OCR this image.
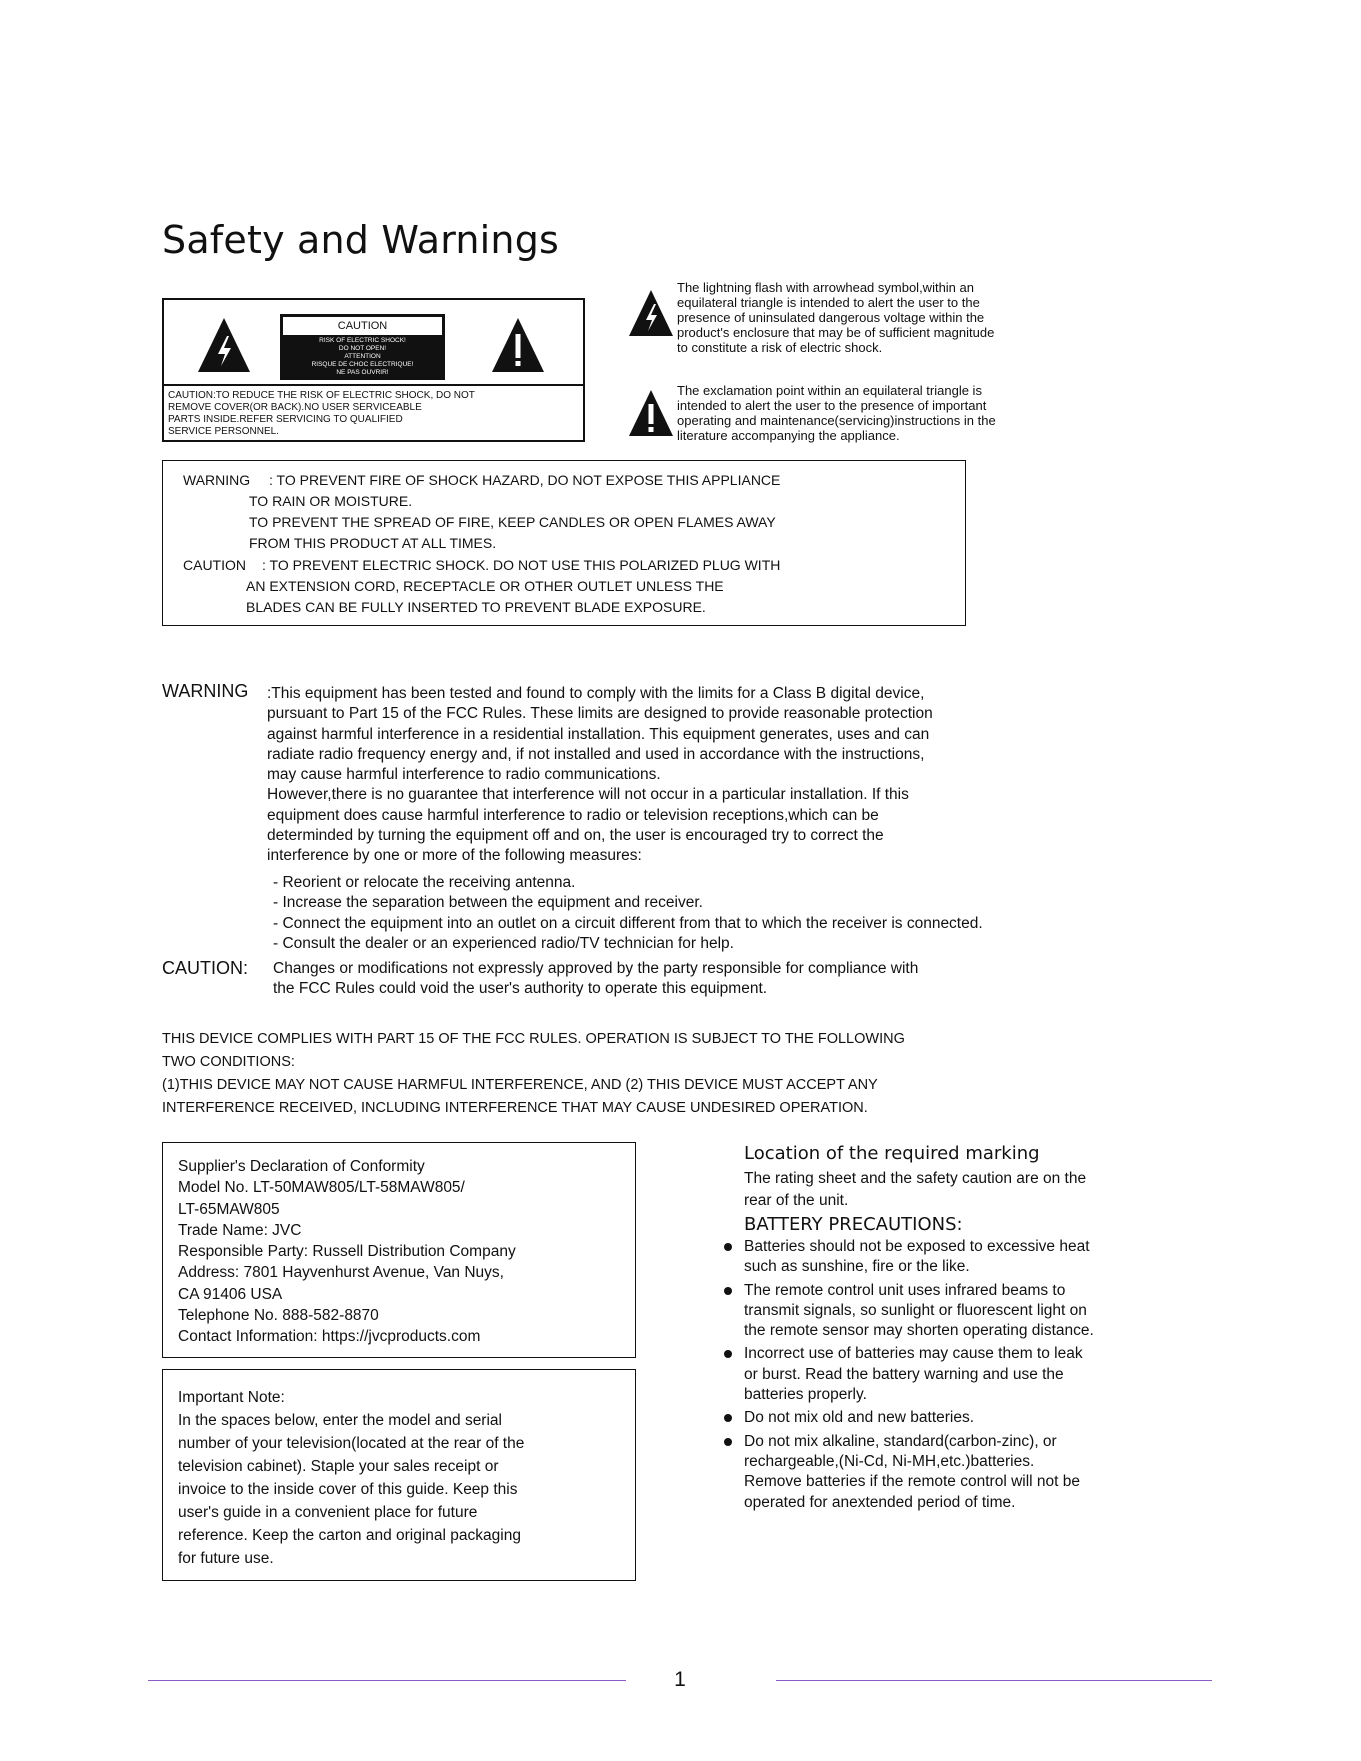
Safety and Warnings
CAUTION
RISK OF ELECTRIC SHOCK!
DO NOT OPEN!
ATTENTION
RISQUE DE CHOC ELECTRIQUE!
NE PAS OUVRIR!
CAUTION:TO REDUCE THE RISK OF ELECTRIC SHOCK, DO NOT
REMOVE COVER(OR BACK).NO USER SERVICEABLE
PARTS INSIDE.REFER SERVICING TO QUALIFIED
SERVICE PERSONNEL.
The lightning flash with arrowhead symbol,within an
equilateral triangle is intended to alert the user to the
presence of uninsulated dangerous voltage within the
product's enclosure that may be of sufficient magnitude
to constitute a risk of electric shock.
The exclamation point within an equilateral triangle is
intended to alert the user to the presence of important
operating and maintenance(servicing)instructions in the
literature accompanying the appliance.
WARNING : TO PREVENT FIRE OF SHOCK HAZARD, DO NOT EXPOSE THIS APPLIANCE
TO RAIN OR MOISTURE.
TO PREVENT THE SPREAD OF FIRE, KEEP CANDLES OR OPEN FLAMES AWAY
FROM THIS PRODUCT AT ALL TIMES.
CAUTION : TO PREVENT ELECTRIC SHOCK. DO NOT USE THIS POLARIZED PLUG WITH
AN EXTENSION CORD, RECEPTACLE OR OTHER OUTLET UNLESS THE
BLADES CAN BE FULLY INSERTED TO PREVENT BLADE EXPOSURE.
WARNING :This equipment has been tested and found to comply with the limits for a Class B digital device,
pursuant to Part 15 of the FCC Rules. These limits are designed to provide reasonable protection
against harmful interference in a residential installation. This equipment generates, uses and can
radiate radio frequency energy and, if not installed and used in accordance with the instructions,
may cause harmful interference to radio communications.
However,there is no guarantee that interference will not occur in a particular installation. If this
equipment does cause harmful interference to radio or television receptions,which can be
determinded by turning the equipment off and on, the user is encouraged try to correct the
interference by one or more of the following measures:
- Reorient or relocate the receiving antenna.
- Increase the separation between the equipment and receiver.
- Connect the equipment into an outlet on a circuit different from that to which the receiver is connected.
- Consult the dealer or an experienced radio/TV technician for help.
CAUTION: Changes or modifications not expressly approved by the party responsible for compliance with
the FCC Rules could void the user's authority to operate this equipment.
THIS DEVICE COMPLIES WITH PART 15 OF THE FCC RULES. OPERATION IS SUBJECT TO THE FOLLOWING
TWO CONDITIONS:
(1)THIS DEVICE MAY NOT CAUSE HARMFUL INTERFERENCE, AND (2) THIS DEVICE MUST ACCEPT ANY
INTERFERENCE RECEIVED, INCLUDING INTERFERENCE THAT MAY CAUSE UNDESIRED OPERATION.
Supplier's Declaration of Conformity
Model No. LT-50MAW805/LT-58MAW805/
LT-65MAW805
Trade Name: JVC
Responsible Party: Russell Distribution Company
Address: 7801 Hayvenhurst Avenue, Van Nuys,
CA 91406 USA
Telephone No. 888-582-8870
Contact Information: https://jvcproducts.com
Important Note:
In the spaces below, enter the model and serial
number of your television(located at the rear of the
television cabinet). Staple your sales receipt or
invoice to the inside cover of this guide. Keep this
user's guide in a convenient place for future
reference. Keep the carton and original packaging
for future use.
Location of the required marking
The rating sheet and the safety caution are on the
rear of the unit.
BATTERY PRECAUTIONS:
Batteries should not be exposed to excessive heat
such as sunshine, fire or the like.
The remote control unit uses infrared beams to
transmit signals, so sunlight or fluorescent light on
the remote sensor may shorten operating distance.
Incorrect use of batteries may cause them to leak
or burst. Read the battery warning and use the
batteries properly.
Do not mix old and new batteries.
Do not mix alkaline, standard(carbon-zinc), or
rechargeable,(Ni-Cd, Ni-MH,etc.)batteries.
Remove batteries if the remote control will not be
operated for anextended period of time.
1
